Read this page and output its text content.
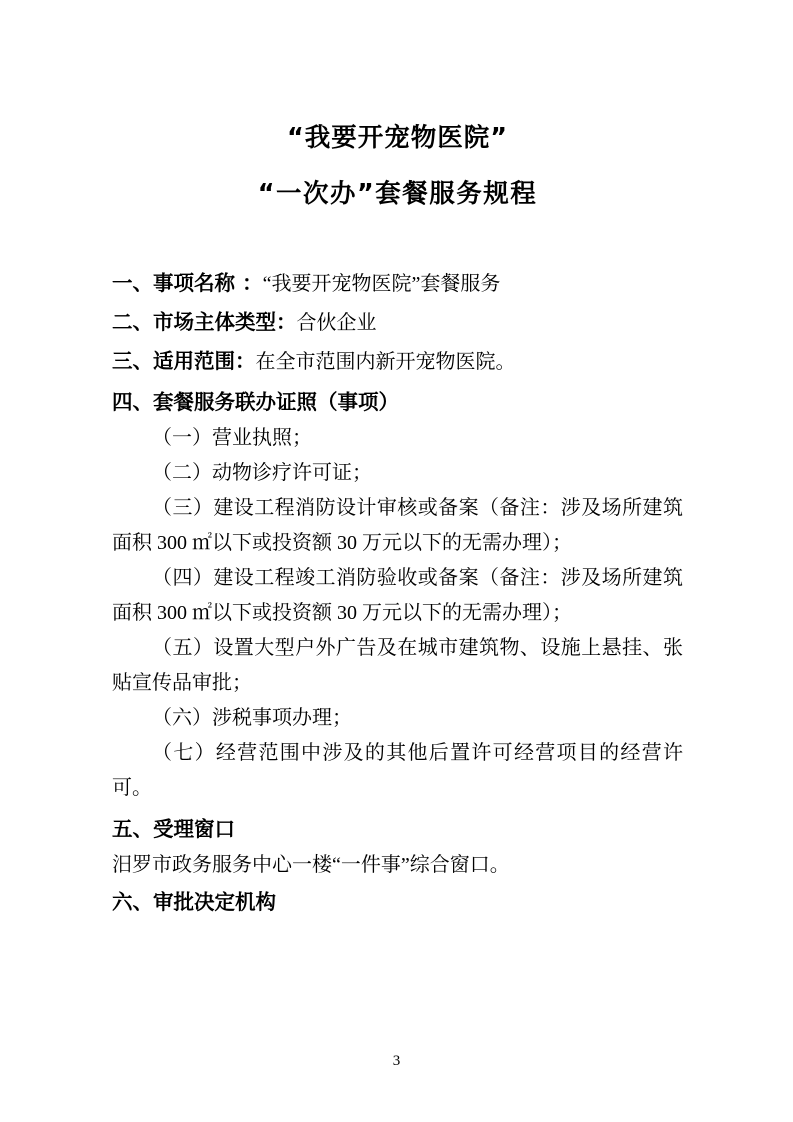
“我要开宠物医院”
“一次办”套餐服务规程
一、事项名称 ：“我要开宠物医院”套餐服务
二、市场主体类型：合伙企业
三、适用范围：在全市范围内新开宠物医院。
四、套餐服务联办证照（事项）

（一）营业执照；

（二）动物诊疗许可证；

（三）建设工程消防设计审核或备案（备注：涉及场所建筑面积 300 ㎡以下或投资额 30 万元以下的无需办理）；

（四）建设工程竣工消防验收或备案（备注：涉及场所建筑面积 300 ㎡以下或投资额 30 万元以下的无需办理）；

（五）设置大型户外广告及在城市建筑物、设施上悬挂、张贴宣传品审批；

（六）涉税事项办理；

（七）经营范围中涉及的其他后置许可经营项目的经营许可。

五、受理窗口

汨罗市政务服务中心一楼“一件事”综合窗口。

六、审批决定机构
3
